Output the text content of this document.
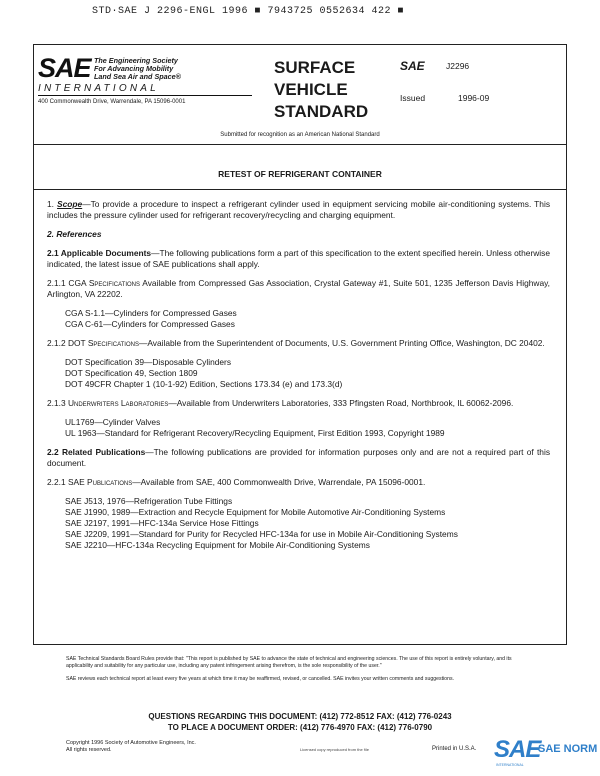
STD·SAE J 2296-ENGL 1996 ■ 7943725 0552634 422 ■
SAE The Engineering Society
For Advancing Mobility
Land Sea Air and Space®
INTERNATIONAL
400 Commonwealth Drive, Warrendale, PA 15096-0001
SURFACE
VEHICLE
STANDARD
SAE	J2296
Issued	1996-09
Submitted for recognition as an American National Standard
RETEST OF REFRIGERANT CONTAINER

1. Scope—To provide a procedure to inspect a refrigerant cylinder used in equipment servicing mobile air-conditioning systems. This includes the pressure cylinder used for refrigerant recovery/recycling and charging equipment.

2. References

2.1 Applicable Documents—The following publications form a part of this specification to the extent specified herein. Unless otherwise indicated, the latest issue of SAE publications shall apply.

2.1.1 CGA Specifications Available from Compressed Gas Association, Crystal Gateway #1, Suite 501, 1235 Jefferson Davis Highway, Arlington, VA 22202.

CGA S-1.1—Cylinders for Compressed Gases
CGA C-61—Cylinders for Compressed Gases

2.1.2 DOT Specifications—Available from the Superintendent of Documents, U.S. Government Printing Office, Washington, DC 20402.

DOT Specification 39—Disposable Cylinders
DOT Specification 49, Section 1809
DOT 49CFR Chapter 1 (10-1-92) Edition, Sections 173.34 (e) and 173.3(d)

2.1.3 Underwriters Laboratories—Available from Underwriters Laboratories, 333 Pfingsten Road, Northbrook, IL 60062-2096.

UL1769—Cylinder Valves
UL 1963—Standard for Refrigerant Recovery/Recycling Equipment, First Edition 1993, Copyright 1989

2.2 Related Publications—The following publications are provided for information purposes only and are not a required part of this document.

2.2.1 SAE Publications—Available from SAE, 400 Commonwealth Drive, Warrendale, PA 15096-0001.

SAE J513, 1976—Refrigeration Tube Fittings
SAE J1990, 1989—Extraction and Recycle Equipment for Mobile Automotive Air-Conditioning Systems
SAE J2197, 1991—HFC-134a Service Hose Fittings
SAE J2209, 1991—Standard for Purity for Recycled HFC-134a for use in Mobile Air-Conditioning Systems
SAE J2210—HFC-134a Recycling Equipment for Mobile Air-Conditioning Systems

SAE Technical Standards Board Rules provide that: "This report is published by SAE to advance the state of technical and engineering sciences. The use of this report is entirely voluntary, and its applicability and suitability for any particular use, including any patent infringement arising therefrom, is the sole responsibility of the user."

SAE reviews each technical report at least every five years at which time it may be reaffirmed, revised, or cancelled. SAE invites your written comments and suggestions.

QUESTIONS REGARDING THIS DOCUMENT: (412) 772-8512 FAX: (412) 776-0243
TO PLACE A DOCUMENT ORDER: (412) 776-4970 FAX: (412) 776-0790
Copyright 1996 Society of Automotive Engineers, Inc.
All rights reserved.	Licensed copy reproduced from the file	Printed in U.S.A. SAE
SAE NORM
INTERNATIONAL
